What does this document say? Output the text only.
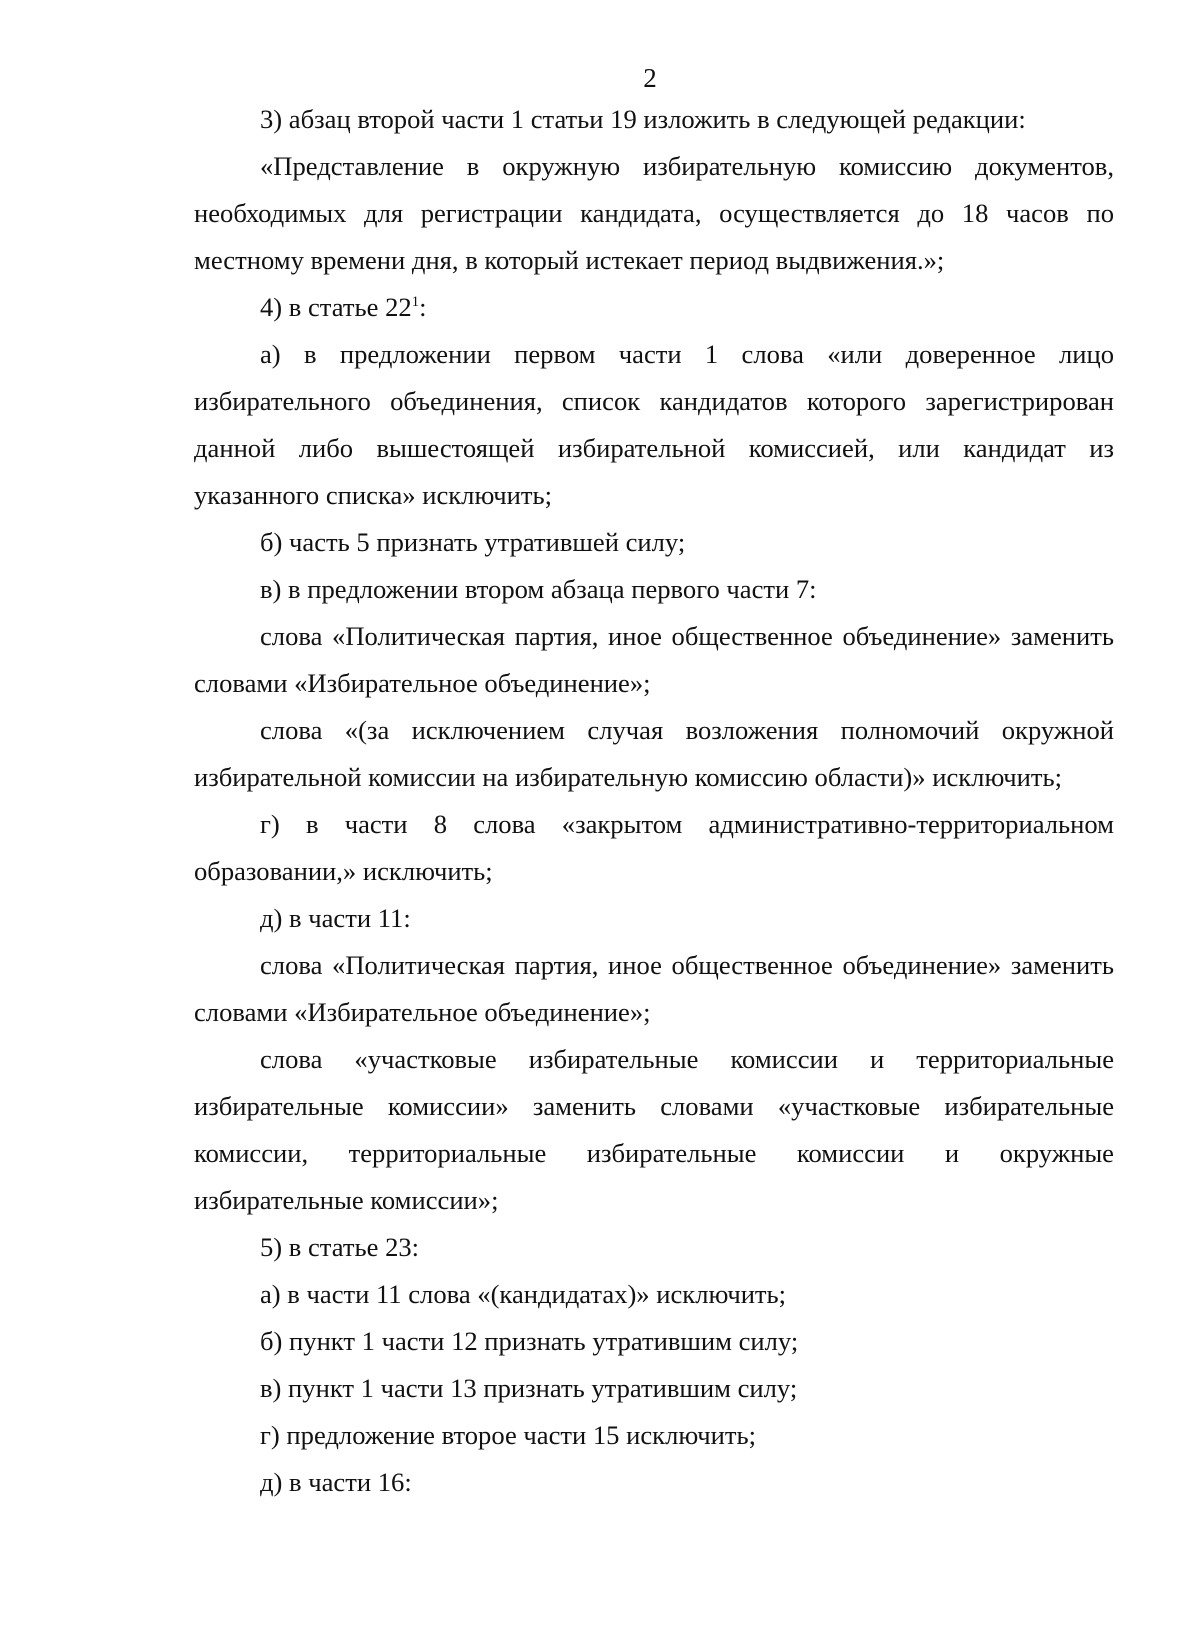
2

3) абзац второй части 1 статьи 19 изложить в следующей редакции:

«Представление в окружную избирательную комиссию документов, необходимых для регистрации кандидата, осуществляется до 18 часов по местному времени дня, в который истекает период выдвижения.»;

4) в статье $22^1$:

а) в предложении первом части 1 слова «или доверенное лицо избирательного объединения, список кандидатов которого зарегистрирован данной либо вышестоящей избирательной комиссией, или кандидат из указанного списка» исключить;

б) часть 5 признать утратившей силу;

в) в предложении втором абзаца первого части 7:

слова «Политическая партия, иное общественное объединение» заменить словами «Избирательное объединение»;

слова «(за исключением случая возложения полномочий окружной избирательной комиссии на избирательную комиссию области)» исключить;

г) в части 8 слова «закрытом административно-территориальном образовании,» исключить;

д) в части 11:

слова «Политическая партия, иное общественное объединение» заменить словами «Избирательное объединение»;

слова «участковые избирательные комиссии и территориальные избирательные комиссии» заменить словами «участковые избирательные комиссии, территориальные избирательные комиссии и окружные избирательные комиссии»;

5) в статье 23:

а) в части 11 слова «(кандидатах)» исключить;

б) пункт 1 части 12 признать утратившим силу;

в) пункт 1 части 13 признать утратившим силу;

г) предложение второе части 15 исключить;

д) в части 16:
